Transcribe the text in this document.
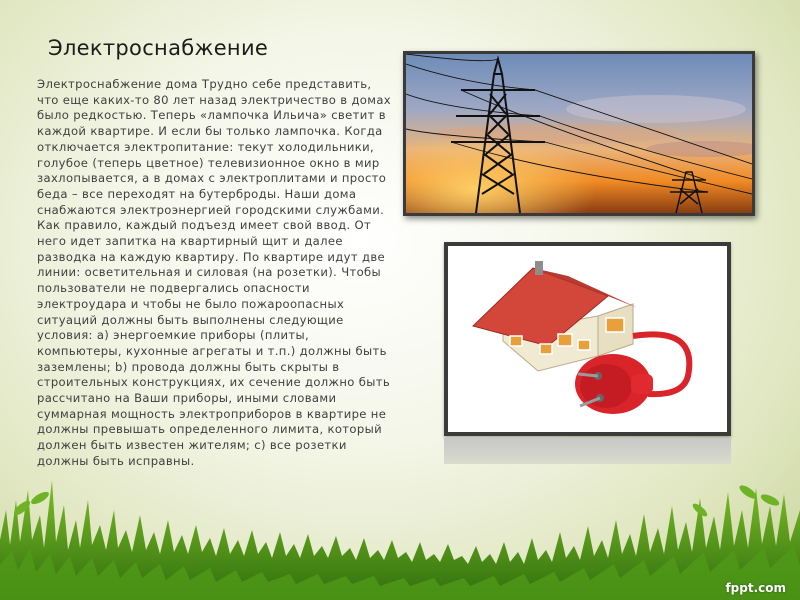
Электроснабжение

Электроснабжение дома Трудно себе представить, что еще каких-то 80 лет назад электричество в домах было редкостью. Теперь «лампочка Ильича» светит в каждой квартире. И если бы только лампочка. Когда отключается электропитание: текут холодильники, голубое (теперь цветное) телевизионное окно в мир захлопывается, а в домах с электроплитами и просто беда – все переходят на бутерброды. Наши дома снабжаются электроэнергией городскими службами. Как правило, каждый подъезд имеет свой ввод. От него идет запитка на квартирный щит и далее разводка на каждую квартиру. По квартире идут две линии: осветительная и силовая (на розетки). Чтобы пользователи не подвергались опасности электроудара и чтобы не было пожароопасных ситуаций должны быть выполнены следующие условия: а) энергоемкие приборы (плиты, компьютеры, кухонные агрегаты и т.п.) должны быть заземлены; b) провода должны быть скрыты в строительных конструкциях, их сечение должно быть рассчитано на Ваши приборы, иными словами суммарная мощность электроприборов в квартире не должны превышать определенного лимита, который должен быть известен жителям; c) все розетки должны быть исправны.

fppt.com
